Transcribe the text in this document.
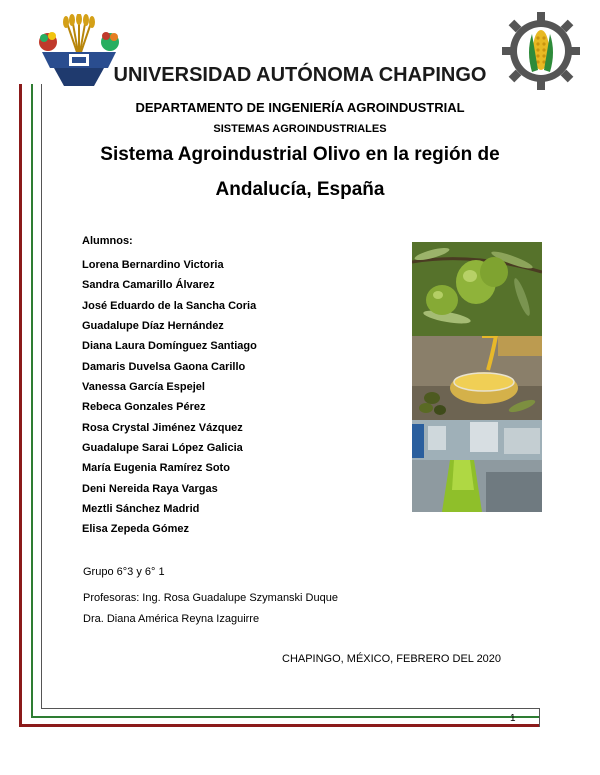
UNIVERSIDAD AUTÓNOMA CHAPINGO
DEPARTAMENTO DE INGENIERÍA AGROINDUSTRIAL
SISTEMAS AGROINDUSTRIALES
Sistema Agroindustrial Olivo en la región de
Andalucía, España
Alumnos:
Lorena Bernardino Victoria
Sandra Camarillo Álvarez
José Eduardo de la Sancha Coria
Guadalupe Díaz Hernández
Diana Laura Domínguez Santiago
Damaris Duvelsa Gaona Carillo
Vanessa García Espejel
Rebeca Gonzales Pérez
Rosa Crystal Jiménez Vázquez
Guadalupe Sarai López Galicia
María Eugenia Ramírez Soto
Deni Nereida Raya Vargas
Meztli Sánchez Madrid
Elisa Zepeda Gómez
Grupo 6°3 y 6° 1
Profesoras: Ing. Rosa Guadalupe Szymanski Duque
Dra. Diana América Reyna Izaguirre
CHAPINGO, MÉXICO, FEBRERO DEL 2020
1
